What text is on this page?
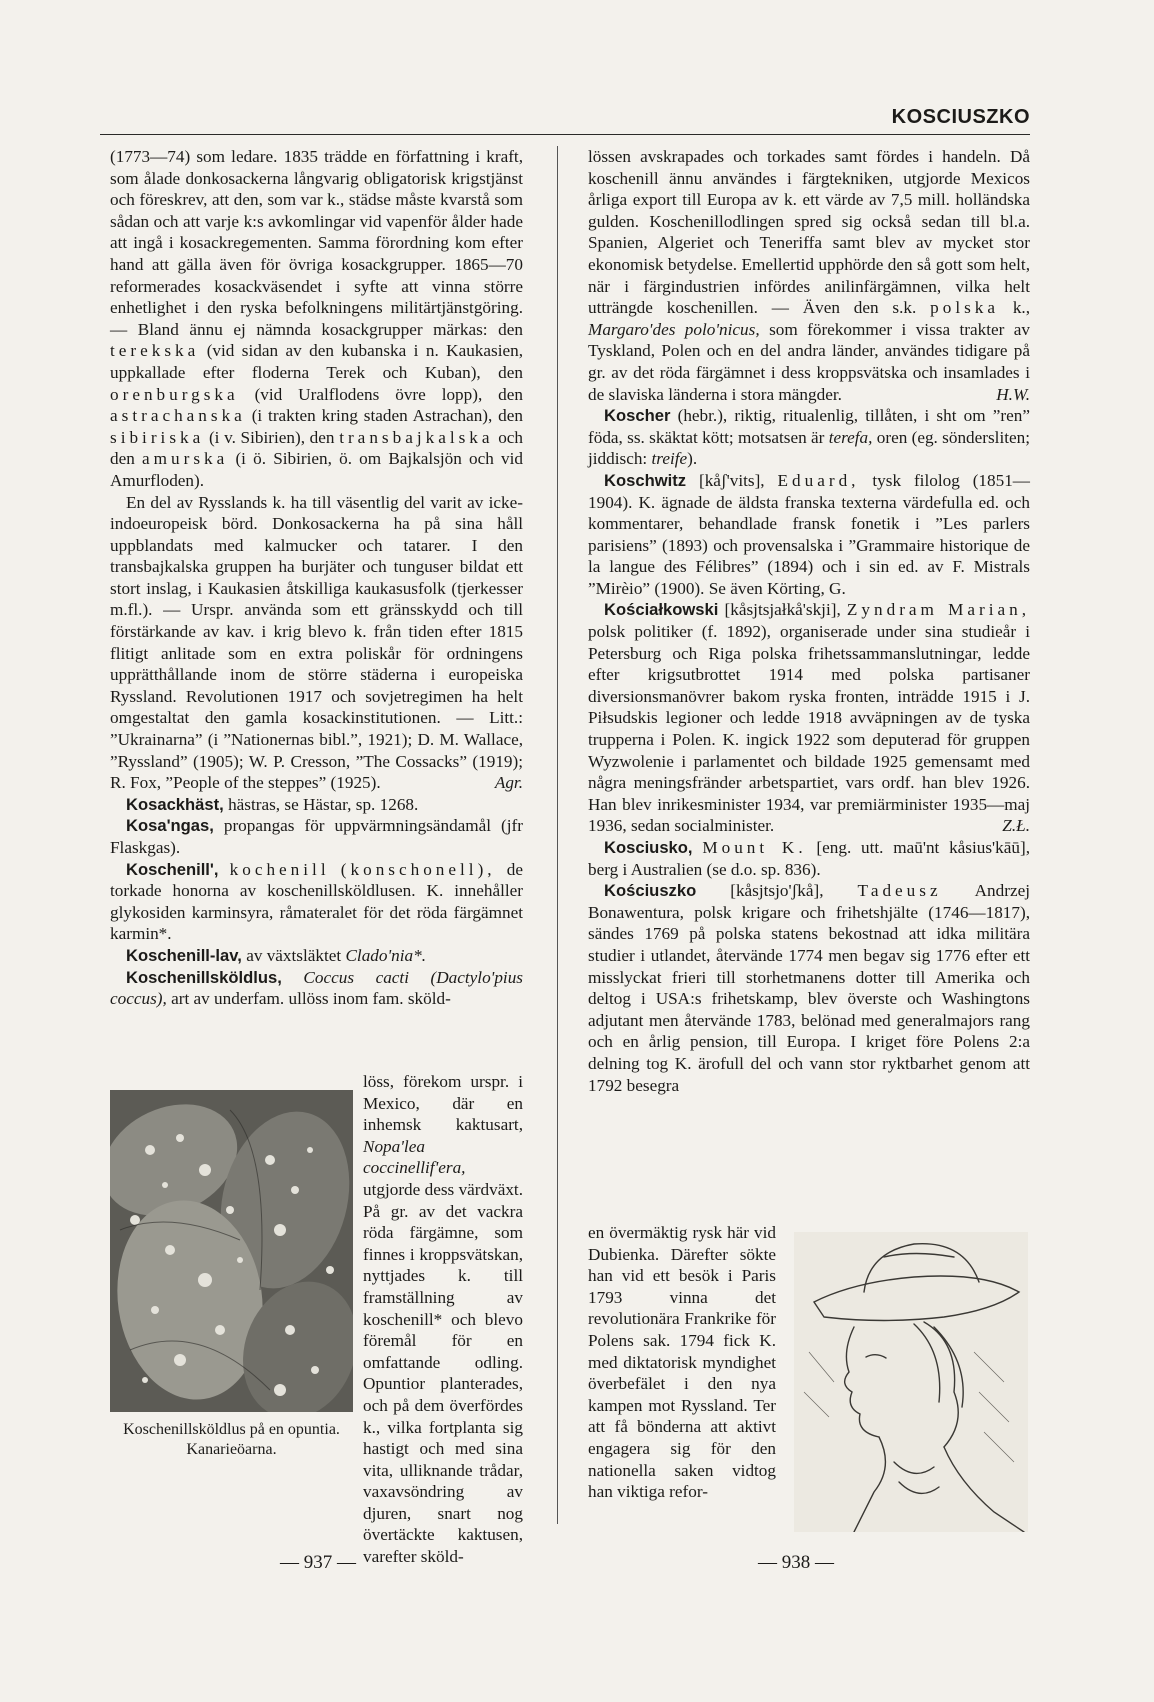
KOSCIUSZKO

(1773—74) som ledare. 1835 trädde en författning i kraft, som ålade donkosackerna långvarig obligatorisk krigstjänst och föreskrev, att den, som var k., städse måste kvarstå som sådan och att varje k:s avkomlingar vid vapenför ålder hade att ingå i kosackregementen. Samma förordning kom efter hand att gälla även för övriga kosackgrupper. 1865—70 reformerades kosackväsendet i syfte att vinna större enhetlighet i den ryska befolkningens militärtjänstgöring. — Bland ännu ej nämnda kosackgrupper märkas: den terekska (vid sidan av den kubanska i n. Kaukasien, uppkallade efter floderna Terek och Kuban), den orenburgska (vid Uralflodens övre lopp), den astrachanska (i trakten kring staden Astrachan), den sibiriska (i v. Sibirien), den transbajkalska och den amurska (i ö. Sibirien, ö. om Bajkalsjön och vid Amurfloden).

En del av Rysslands k. ha till väsentlig del varit av icke-indoeuropeisk börd. Donkosackerna ha på sina håll uppblandats med kalmucker och tatarer. I den transbajkalska gruppen ha burjäter och tunguser bildat ett stort inslag, i Kaukasien åtskilliga kaukasusfolk (tjerkesser m.fl.). — Urspr. använda som ett gränsskydd och till förstärkande av kav. i krig blevo k. från tiden efter 1815 flitigt anlitade som en extra poliskår för ordningens upprätthållande inom de större städerna i europeiska Ryssland. Revolutionen 1917 och sovjetregimen ha helt omgestaltat den gamla kosackinstitutionen. — Litt.: ”Ukrainarna” (i ”Nationernas bibl.”, 1921); D. M. Wallace, ”Ryssland” (1905); W. P. Cresson, ”The Cossacks” (1919); R. Fox, ”People of the steppes” (1925).	Agr.

Kosackhäst, hästras, se Hästar, sp. 1268.

Kosa'ngas, propangas för uppvärmningsändamål (jfr Flaskgas).

Koschenill', kochenill (konschonell), de torkade honorna av koschenillsköldlusen. K. innehåller glykosiden karminsyra, råmateralet för det röda färgämnet karmin*.

Koschenill-lav, av växtsläktet Clado'nia*.

Koschenillsköldlus, Coccus cacti (Dactylo'pius coccus), art av underfam. ullöss inom fam. sköld-

löss, förekom urspr. i Mexico, där en inhemsk kaktusart, Nopa'lea coccinellif'era, utgjorde dess värdväxt. På gr. av det vackra röda färgämne, som finnes i kroppsvätskan, nyttjades k. till framställning av koschenill* och blevo föremål för en omfattande odling. Opuntior planterades, och på dem överfördes k., vilka fortplanta sig hastigt och med sina vita, ulliknande trådar, vaxavsöndring av djuren, snart nog övertäckte kaktusen, varefter sköld-
Koschenillsköldlus på en opuntia. Kanarieöarna.

lössen avskrapades och torkades samt fördes i handeln. Då koschenill ännu användes i färgtekniken, utgjorde Mexicos årliga export till Europa av k. ett värde av 7,5 mill. holländska gulden. Koschenillodlingen spred sig också sedan till bl.a. Spanien, Algeriet och Teneriffa samt blev av mycket stor ekonomisk betydelse. Emellertid upphörde den så gott som helt, när i färgindustrien infördes anilinfärgämnen, vilka helt utträngde koschenillen. — Även den s.k. polska k., Margaro'des polo'nicus, som förekommer i vissa trakter av Tyskland, Polen och en del andra länder, användes tidigare på gr. av det röda färgämnet i dess kroppsvätska och insamlades i de slaviska länderna i stora mängder.	H.W.

Koscher (hebr.), riktig, ritualenlig, tillåten, i sht om ”ren” föda, ss. skäktat kött; motsatsen är terefa, oren (eg. söndersliten; jiddisch: treife).

Koschwitz [kåʃ'vits], Eduard, tysk filolog (1851—1904). K. ägnade de äldsta franska texterna värdefulla ed. och kommentarer, behandlade fransk fonetik i ”Les parlers parisiens” (1893) och provensalska i ”Grammaire historique de la langue des Félibres” (1894) och i sin ed. av F. Mistrals ”Mirèio” (1900). Se även Körting, G.

Kościałkowski [kåsjtsjałkå'skji], Zyndram Marian, polsk politiker (f. 1892), organiserade under sina studieår i Petersburg och Riga polska frihetssammanslutningar, ledde efter krigsutbrottet 1914 med polska partisaner diversionsmanövrer bakom ryska fronten, inträdde 1915 i J. Piłsudskis legioner och ledde 1918 avväpningen av de tyska trupperna i Polen. K. ingick 1922 som deputerad för gruppen Wyzwolenie i parlamentet och bildade 1925 gemensamt med några meningsfränder arbetspartiet, vars ordf. han blev 1926. Han blev inrikesminister 1934, var premiärminister 1935—maj 1936, sedan socialminister.	Z.Ł.

Kosciusko, Mount K. [eng. utt. maū'nt kåsius'kāū], berg i Australien (se d.o. sp. 836).

Kościuszko [kåsjtsjo'ʃkå], Tadeusz Andrzej Bonawentura, polsk krigare och frihetshjälte (1746—1817), sändes 1769 på polska statens bekostnad att idka militära studier i utlandet, återvände 1774 men begav sig 1776 efter ett misslyckat frieri till storhetmanens dotter till Amerika och deltog i USA:s frihetskamp, blev överste och Washingtons adjutant men återvände 1783, belönad med generalmajors rang och en årlig pension, till Europa. I kriget före Polens 2:a delning tog K. ärofull del och vann stor ryktbarhet genom att 1792 besegra

en övermäktig rysk här vid Dubienka. Därefter sökte han vid ett besök i Paris 1793 vinna det revolutionära Frankrike för Polens sak. 1794 fick K. med diktatorisk myndighet överbefälet i den nya kampen mot Ryssland. Ter att få bönderna att aktivt engagera sig för den nationella saken vidtog han viktiga refor-
— 937 —	— 938 —
